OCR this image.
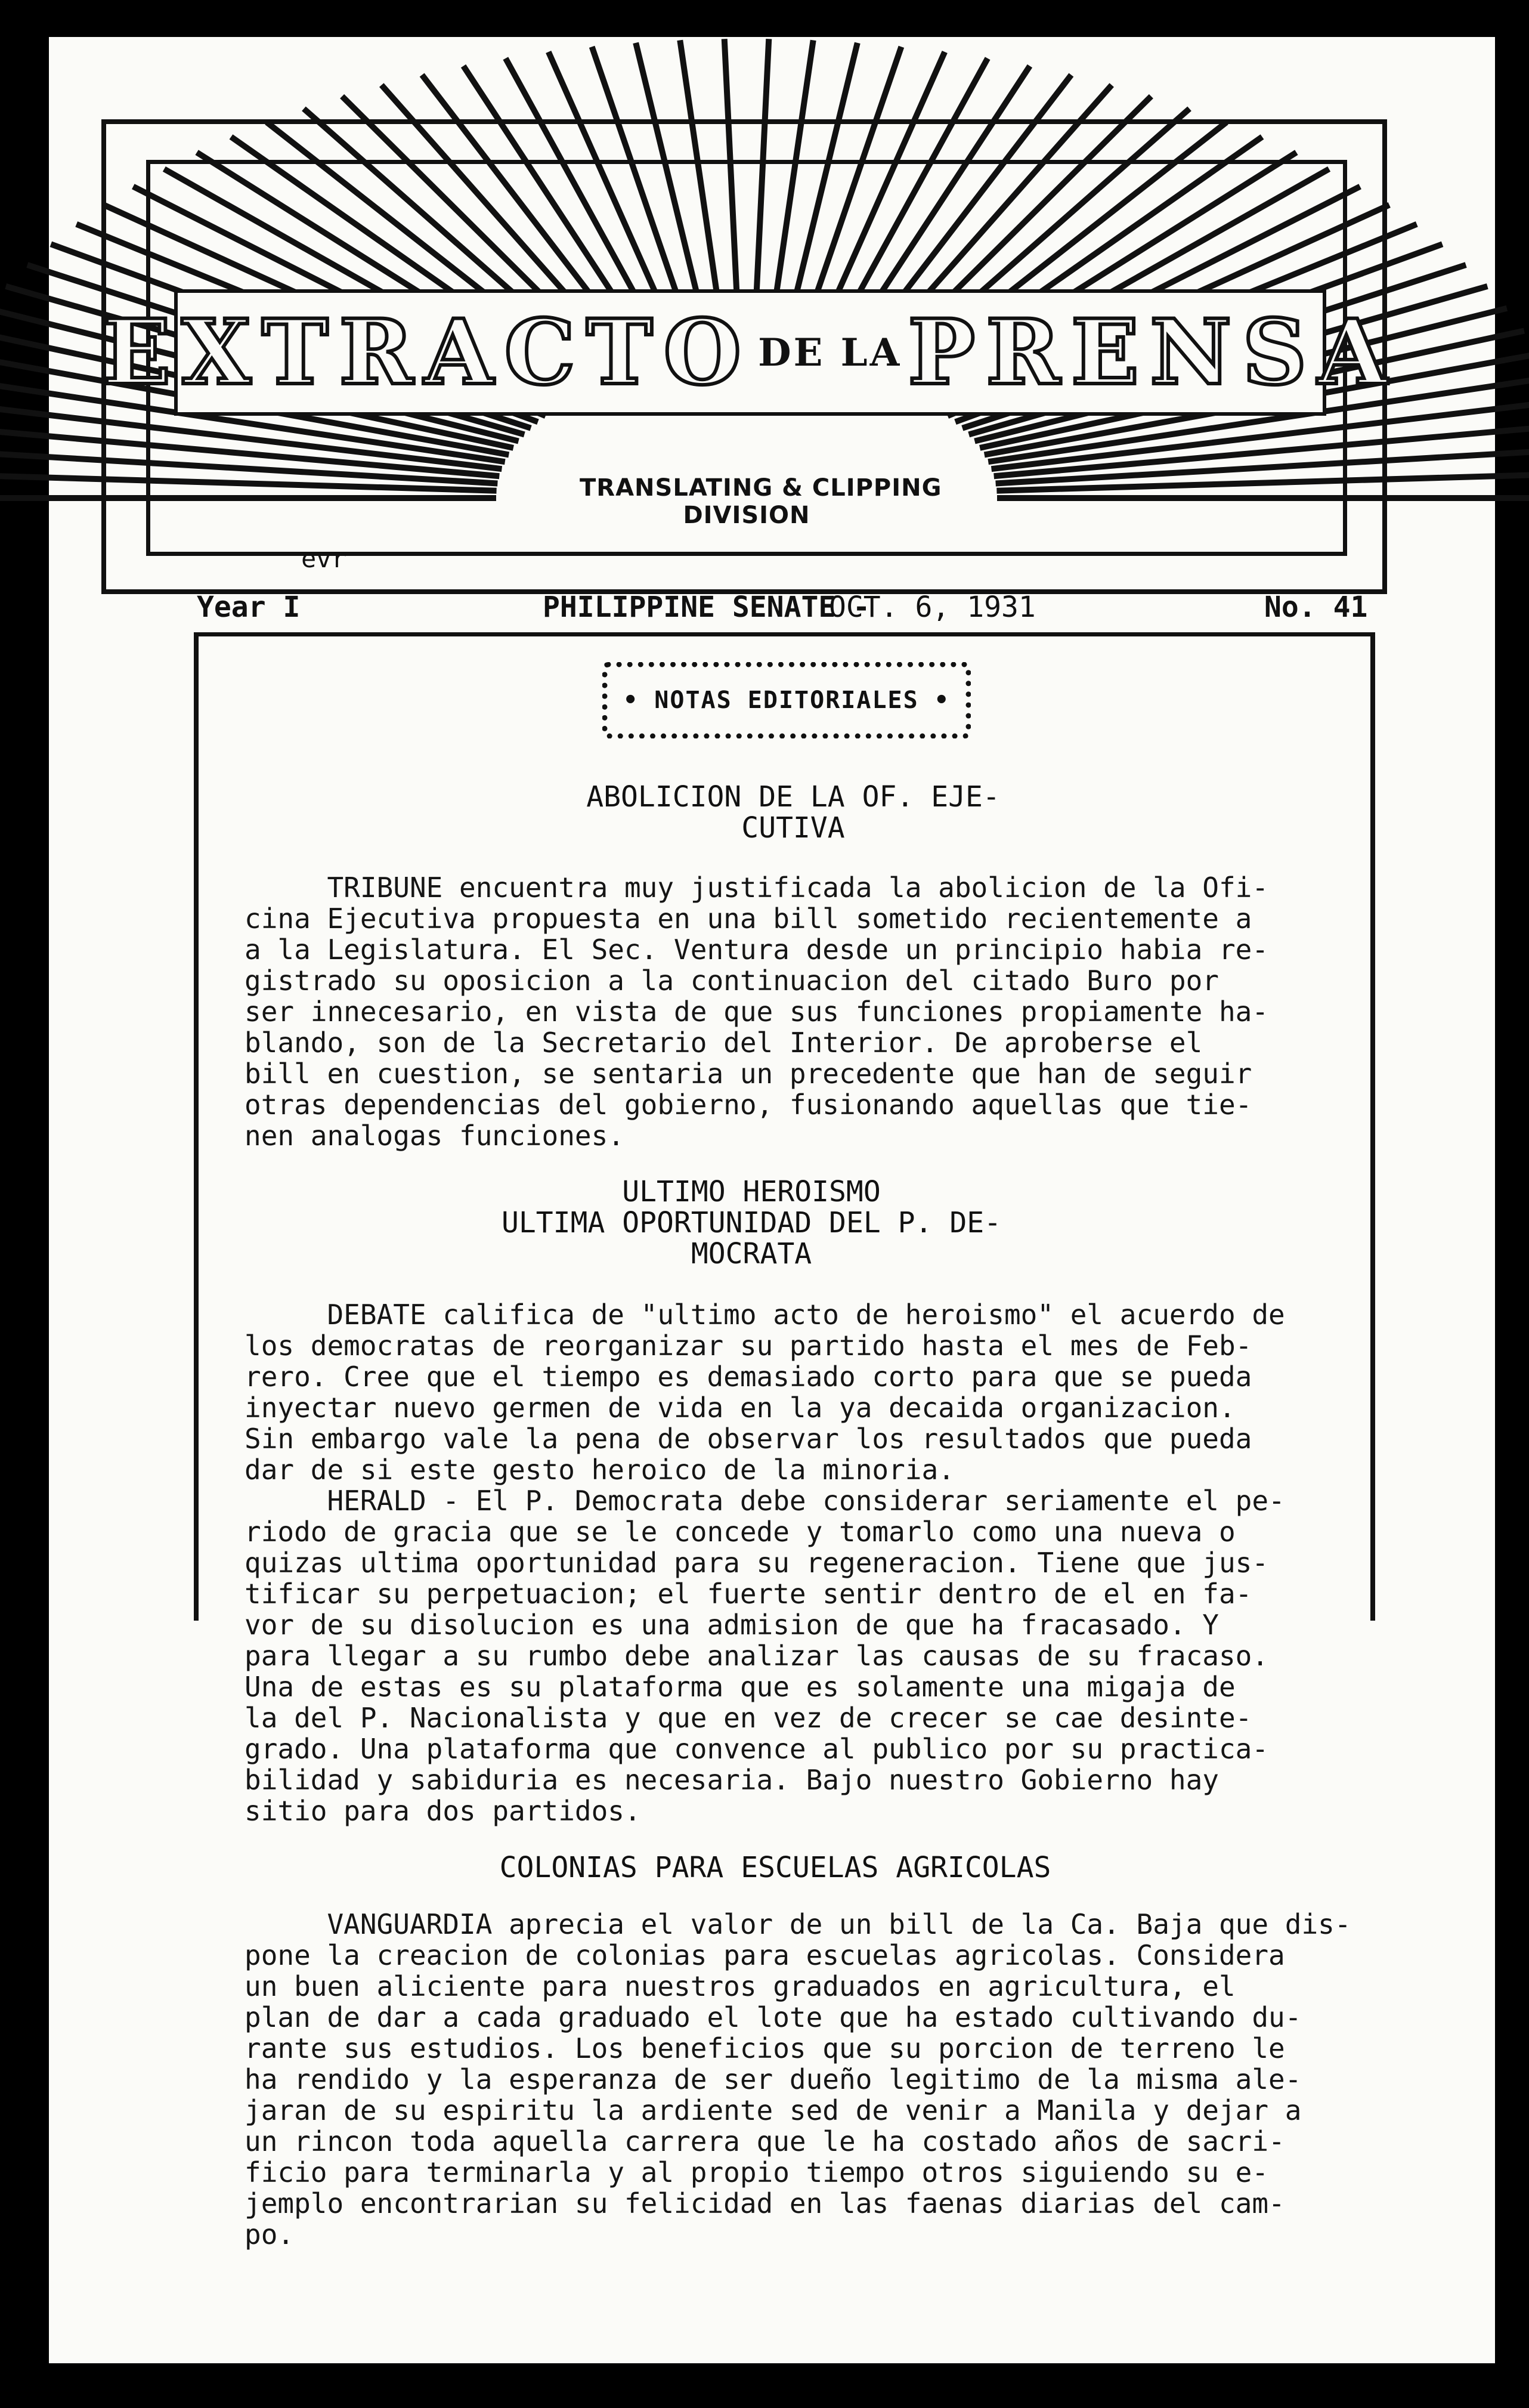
EXTRACTO DE LA PRENSA
TRANSLATING & CLIPPING
DIVISION
evr
Year I	PHILIPPINE SENATE -
OCT. 6, 1931	No. 41
• NOTAS EDITORIALES •
ABOLICION DE LA OF. EJE-
CUTIVA
TRIBUNE encuentra muy justificada la abolicion de la Ofi-
cina Ejecutiva propuesta en una bill sometido recientemente a
a la Legislatura. El Sec. Ventura desde un principio habia re-
gistrado su oposicion a la continuacion del citado Buro por
ser innecesario, en vista de que sus funciones propiamente ha-
blando, son de la Secretario del Interior. De aproberse el
bill en cuestion, se sentaria un precedente que han de seguir
otras dependencias del gobierno, fusionando aquellas que tie-
nen analogas funciones.
ULTIMO HEROISMO
ULTIMA OPORTUNIDAD DEL P. DE-
MOCRATA
DEBATE califica de "ultimo acto de heroismo" el acuerdo de
los democratas de reorganizar su partido hasta el mes de Feb-
rero. Cree que el tiempo es demasiado corto para que se pueda
inyectar nuevo germen de vida en la ya decaida organizacion.
Sin embargo vale la pena de observar los resultados que pueda
dar de si este gesto heroico de la minoria.
HERALD - El P. Democrata debe considerar seriamente el pe-
riodo de gracia que se le concede y tomarlo como una nueva o
quizas ultima oportunidad para su regeneracion. Tiene que jus-
tificar su perpetuacion; el fuerte sentir dentro de el en fa-
vor de su disolucion es una admision de que ha fracasado. Y
para llegar a su rumbo debe analizar las causas de su fracaso.
Una de estas es su plataforma que es solamente una migaja de
la del P. Nacionalista y que en vez de crecer se cae desinte-
grado. Una plataforma que convence al publico por su practica-
bilidad y sabiduria es necesaria. Bajo nuestro Gobierno hay
sitio para dos partidos.
COLONIAS PARA ESCUELAS AGRICOLAS
VANGUARDIA aprecia el valor de un bill de la Ca. Baja que dis-
pone la creacion de colonias para escuelas agricolas. Considera
un buen aliciente para nuestros graduados en agricultura, el
plan de dar a cada graduado el lote que ha estado cultivando du-
rante sus estudios. Los beneficios que su porcion de terreno le
ha rendido y la esperanza de ser dueño legitimo de la misma ale-
jaran de su espiritu la ardiente sed de venir a Manila y dejar a
un rincon toda aquella carrera que le ha costado años de sacri-
ficio para terminarla y al propio tiempo otros siguiendo su e-
jemplo encontrarian su felicidad en las faenas diarias del cam-
po.
